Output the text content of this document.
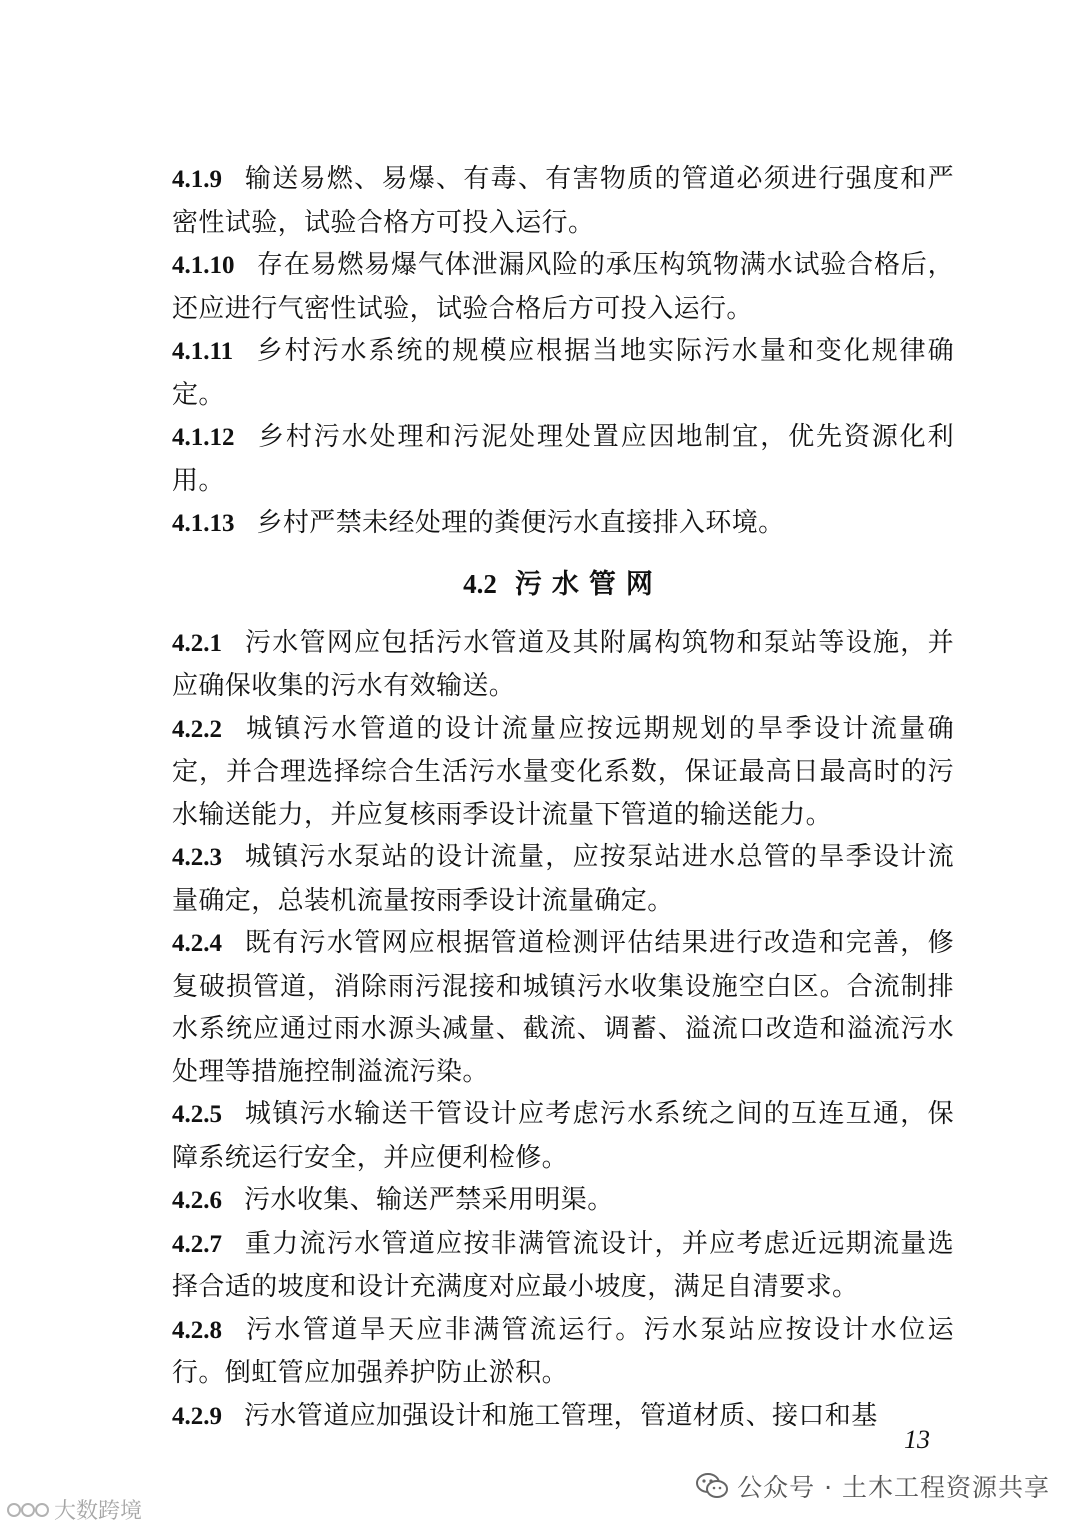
4.1.9 输送易燃、易爆、有毒、有害物质的管道必须进行强度和严密性试验，试验合格方可投入运行。
4.1.10 存在易燃易爆气体泄漏风险的承压构筑物满水试验合格后，还应进行气密性试验，试验合格后方可投入运行。
4.1.11 乡村污水系统的规模应根据当地实际污水量和变化规律确定。
4.1.12 乡村污水处理和污泥处理处置应因地制宜，优先资源化利用。
4.1.13 乡村严禁未经处理的粪便污水直接排入环境。
4.2 污水管网
4.2.1 污水管网应包括污水管道及其附属构筑物和泵站等设施，并应确保收集的污水有效输送。
4.2.2 城镇污水管道的设计流量应按远期规划的旱季设计流量确定，并合理选择综合生活污水量变化系数，保证最高日最高时的污水输送能力，并应复核雨季设计流量下管道的输送能力。
4.2.3 城镇污水泵站的设计流量，应按泵站进水总管的旱季设计流量确定，总装机流量按雨季设计流量确定。
4.2.4 既有污水管网应根据管道检测评估结果进行改造和完善，修复破损管道，消除雨污混接和城镇污水收集设施空白区。合流制排水系统应通过雨水源头减量、截流、调蓄、溢流口改造和溢流污水处理等措施控制溢流污染。
4.2.5 城镇污水输送干管设计应考虑污水系统之间的互连互通，保障系统运行安全，并应便利检修。
4.2.6 污水收集、输送严禁采用明渠。
4.2.7 重力流污水管道应按非满管流设计，并应考虑近远期流量选择合适的坡度和设计充满度对应最小坡度，满足自清要求。
4.2.8 污水管道旱天应非满管流运行。污水泵站应按设计水位运行。倒虹管应加强养护防止淤积。
4.2.9 污水管道应加强设计和施工管理，管道材质、接口和基
13
公众号 · 土木工程资源共享
大数跨境
